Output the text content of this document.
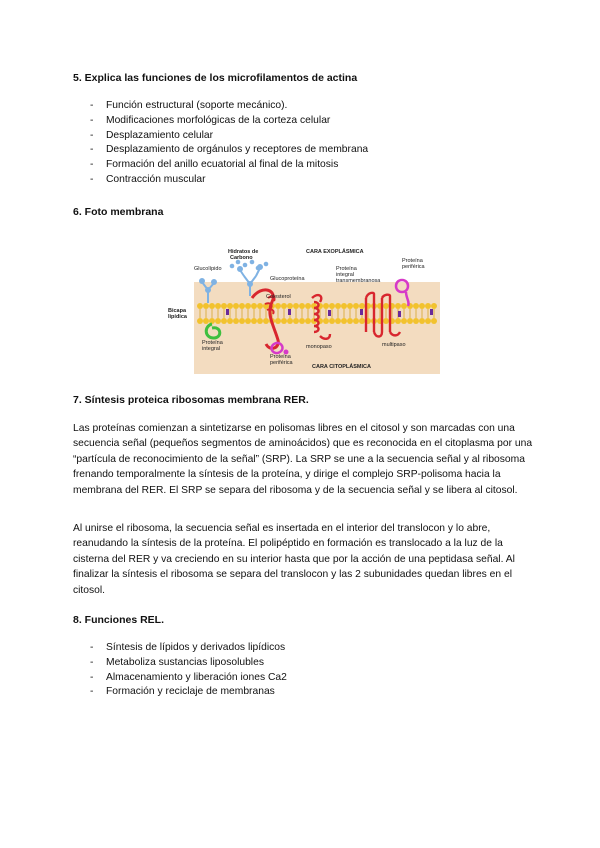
5. Explica las funciones de los microfilamentos de actina
- Función estructural (soporte mecánico).
- Modificaciones morfológicas de la corteza celular
- Desplazamiento celular
- Desplazamiento de orgánulos y receptores de membrana
- Formación del anillo ecuatorial al final de la mitosis
- Contracción muscular
6. Foto membrana
CARA EXOPLÁSMICA
Hidratos de
Carbono
Glucolípido
Glucoproteína
Colesterol
Bicapa
lipídica
Proteína
integral
Proteína
integral
transmembranosa
Proteína
periférica
Proteína
periférica
monopaso	multipaso
CARA CITOPLÁSMICA
7. Síntesis proteica ribosomas membrana RER.

Las proteínas comienzan a sintetizarse en polisomas libres en el citosol y son marcadas con una secuencia señal (pequeños segmentos de aminoácidos) que es reconocida en el citoplasma por una “partícula de reconocimiento de la señal” (SRP). La SRP se une a la secuencia señal y al ribosoma frenando temporalmente la síntesis de la proteína, y dirige el complejo SRP-polisoma hacia la membrana del RER. El SRP se separa del ribosoma y de la secuencia señal y se libera al citosol.

Al unirse el ribosoma, la secuencia señal es insertada en el interior del translocon y lo abre, reanudando la síntesis de la proteína. El polipéptido en formación es translocado a la luz de la cisterna del RER y va creciendo en su interior hasta que por la acción de una peptidasa señal. Al finalizar la síntesis el ribosoma se separa del translocon y las 2 subunidades quedan libres en el citosol.

8. Funciones REL.
- Síntesis de lípidos y derivados lipídicos
- Metaboliza sustancias liposolubles
- Almacenamiento y liberación iones Ca2
- Formación y reciclaje de membranas
